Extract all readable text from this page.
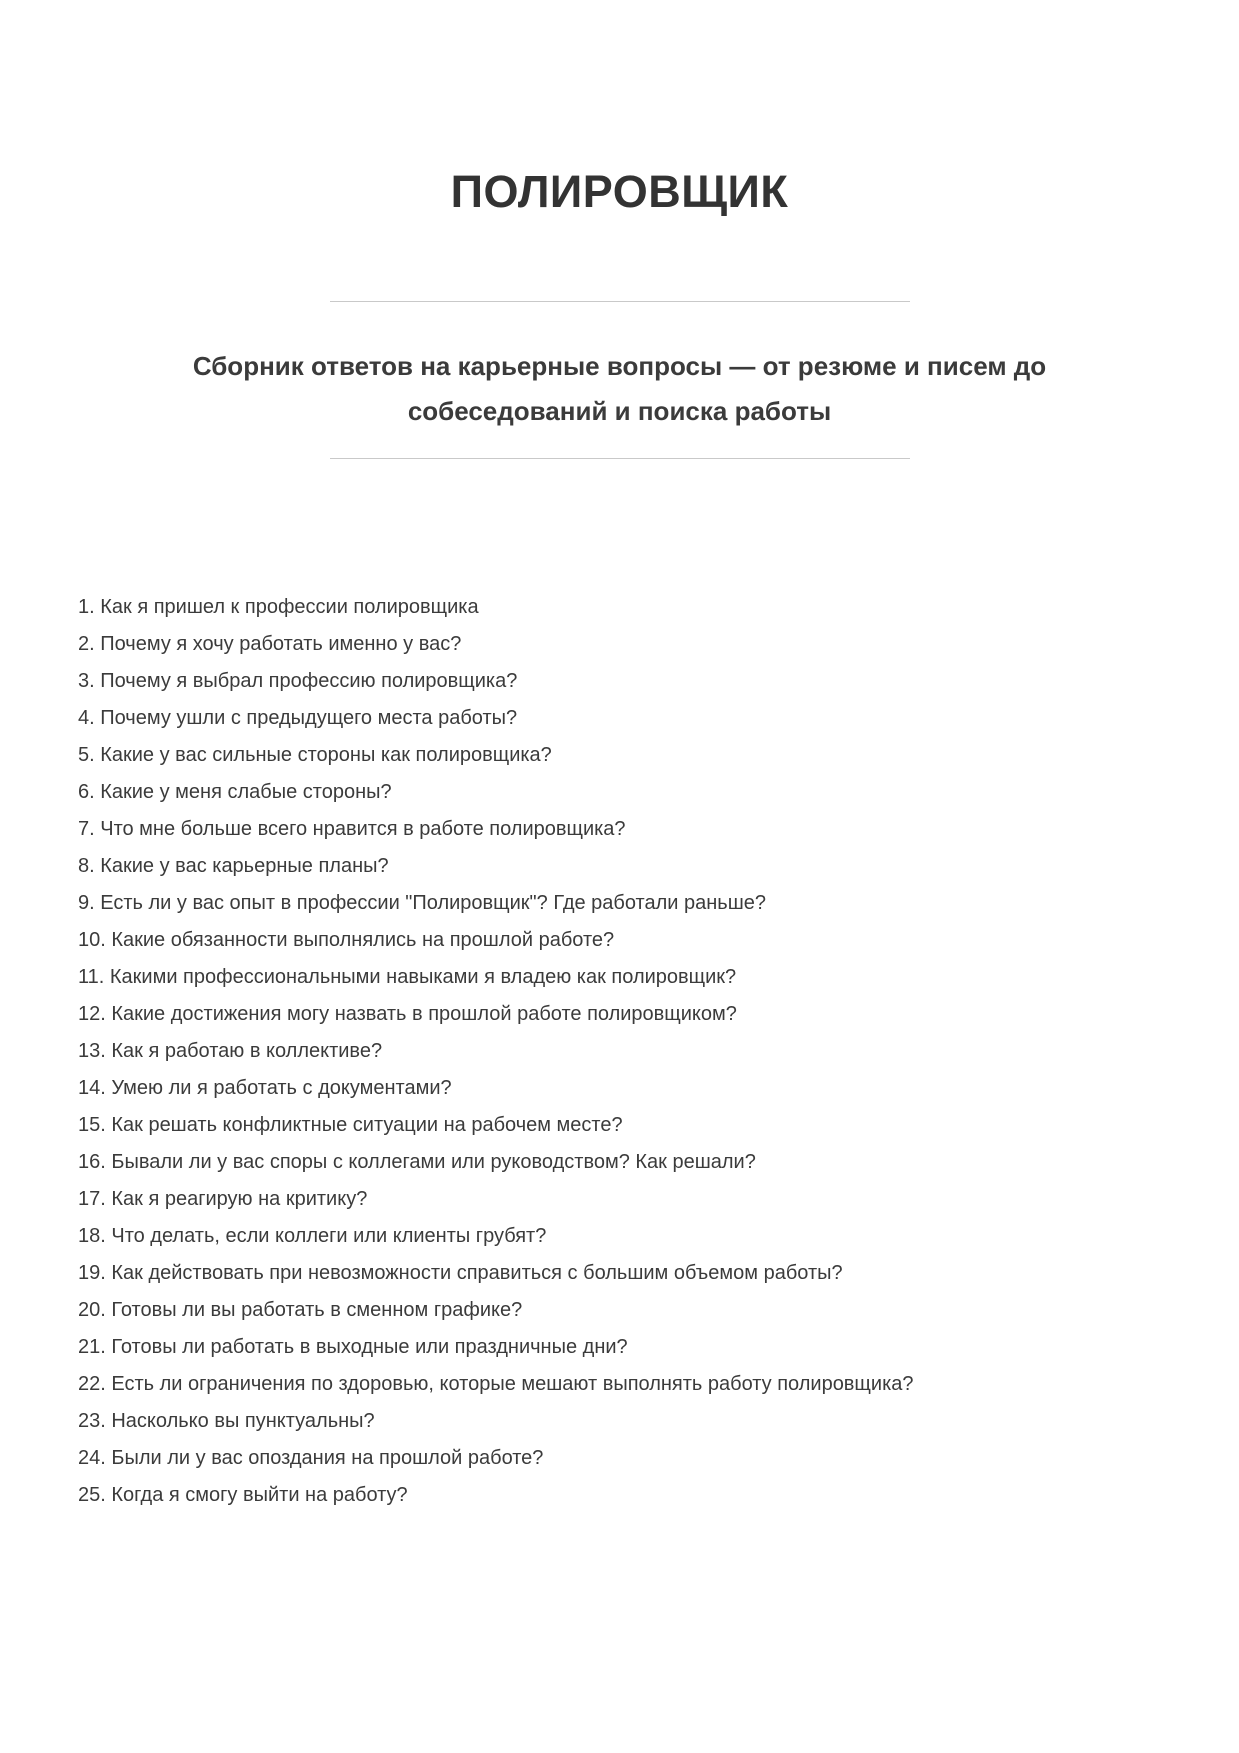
ПОЛИРОВЩИК
Сборник ответов на карьерные вопросы — от резюме и писем до собеседований и поиска работы

1. Как я пришел к профессии полировщика

2. Почему я хочу работать именно у вас?

3. Почему я выбрал профессию полировщика?

4. Почему ушли с предыдущего места работы?

5. Какие у вас сильные стороны как полировщика?

6. Какие у меня слабые стороны?

7. Что мне больше всего нравится в работе полировщика?

8. Какие у вас карьерные планы?

9. Есть ли у вас опыт в профессии "Полировщик"? Где работали раньше?

10. Какие обязанности выполнялись на прошлой работе?

11. Какими профессиональными навыками я владею как полировщик?

12. Какие достижения могу назвать в прошлой работе полировщиком?

13. Как я работаю в коллективе?

14. Умею ли я работать с документами?

15. Как решать конфликтные ситуации на рабочем месте?

16. Бывали ли у вас споры с коллегами или руководством? Как решали?

17. Как я реагирую на критику?

18. Что делать, если коллеги или клиенты грубят?

19. Как действовать при невозможности справиться с большим объемом работы?

20. Готовы ли вы работать в сменном графике?

21. Готовы ли работать в выходные или праздничные дни?

22. Есть ли ограничения по здоровью, которые мешают выполнять работу полировщика?

23. Насколько вы пунктуальны?

24. Были ли у вас опоздания на прошлой работе?

25. Когда я смогу выйти на работу?
